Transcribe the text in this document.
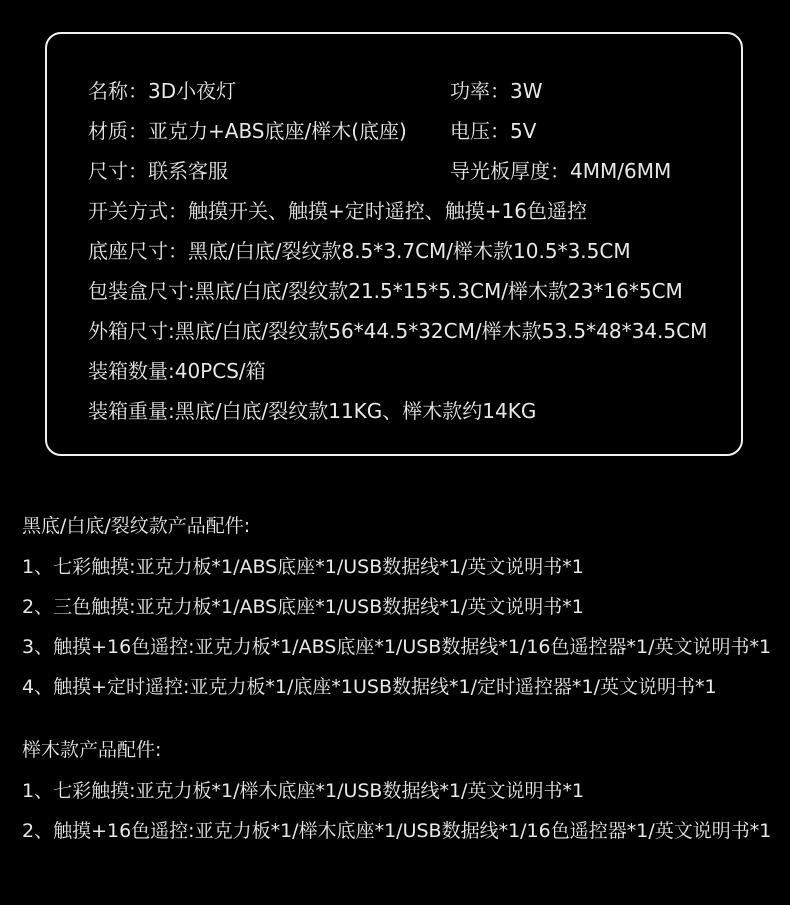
名称：3D小夜灯	功率：3W
材质：亚克力+ABS底座/榉木(底座) 电压：5V
尺寸：联系客服	导光板厚度：4MM/6MM
开关方式：触摸开关、触摸+定时遥控、触摸+16色遥控
底座尺寸：黑底/白底/裂纹款8.5*3.7CM/榉木款10.5*3.5CM
包装盒尺寸:黑底/白底/裂纹款21.5*15*5.3CM/榉木款23*16*5CM
外箱尺寸:黑底/白底/裂纹款56*44.5*32CM/榉木款53.5*48*34.5CM
装箱数量:40PCS/箱
装箱重量:黑底/白底/裂纹款11KG、榉木款约14KG
黑底/白底/裂纹款产品配件:
1、七彩触摸:亚克力板*1/ABS底座*1/USB数据线*1/英文说明书*1
2、三色触摸:亚克力板*1/ABS底座*1/USB数据线*1/英文说明书*1
3、触摸+16色遥控:亚克力板*1/ABS底座*1/USB数据线*1/16色遥控器*1/英文说明书*1
4、触摸+定时遥控:亚克力板*1/底座*1USB数据线*1/定时遥控器*1/英文说明书*1
榉木款产品配件:
1、七彩触摸:亚克力板*1/榉木底座*1/USB数据线*1/英文说明书*1
2、触摸+16色遥控:亚克力板*1/榉木底座*1/USB数据线*1/16色遥控器*1/英文说明书*1
